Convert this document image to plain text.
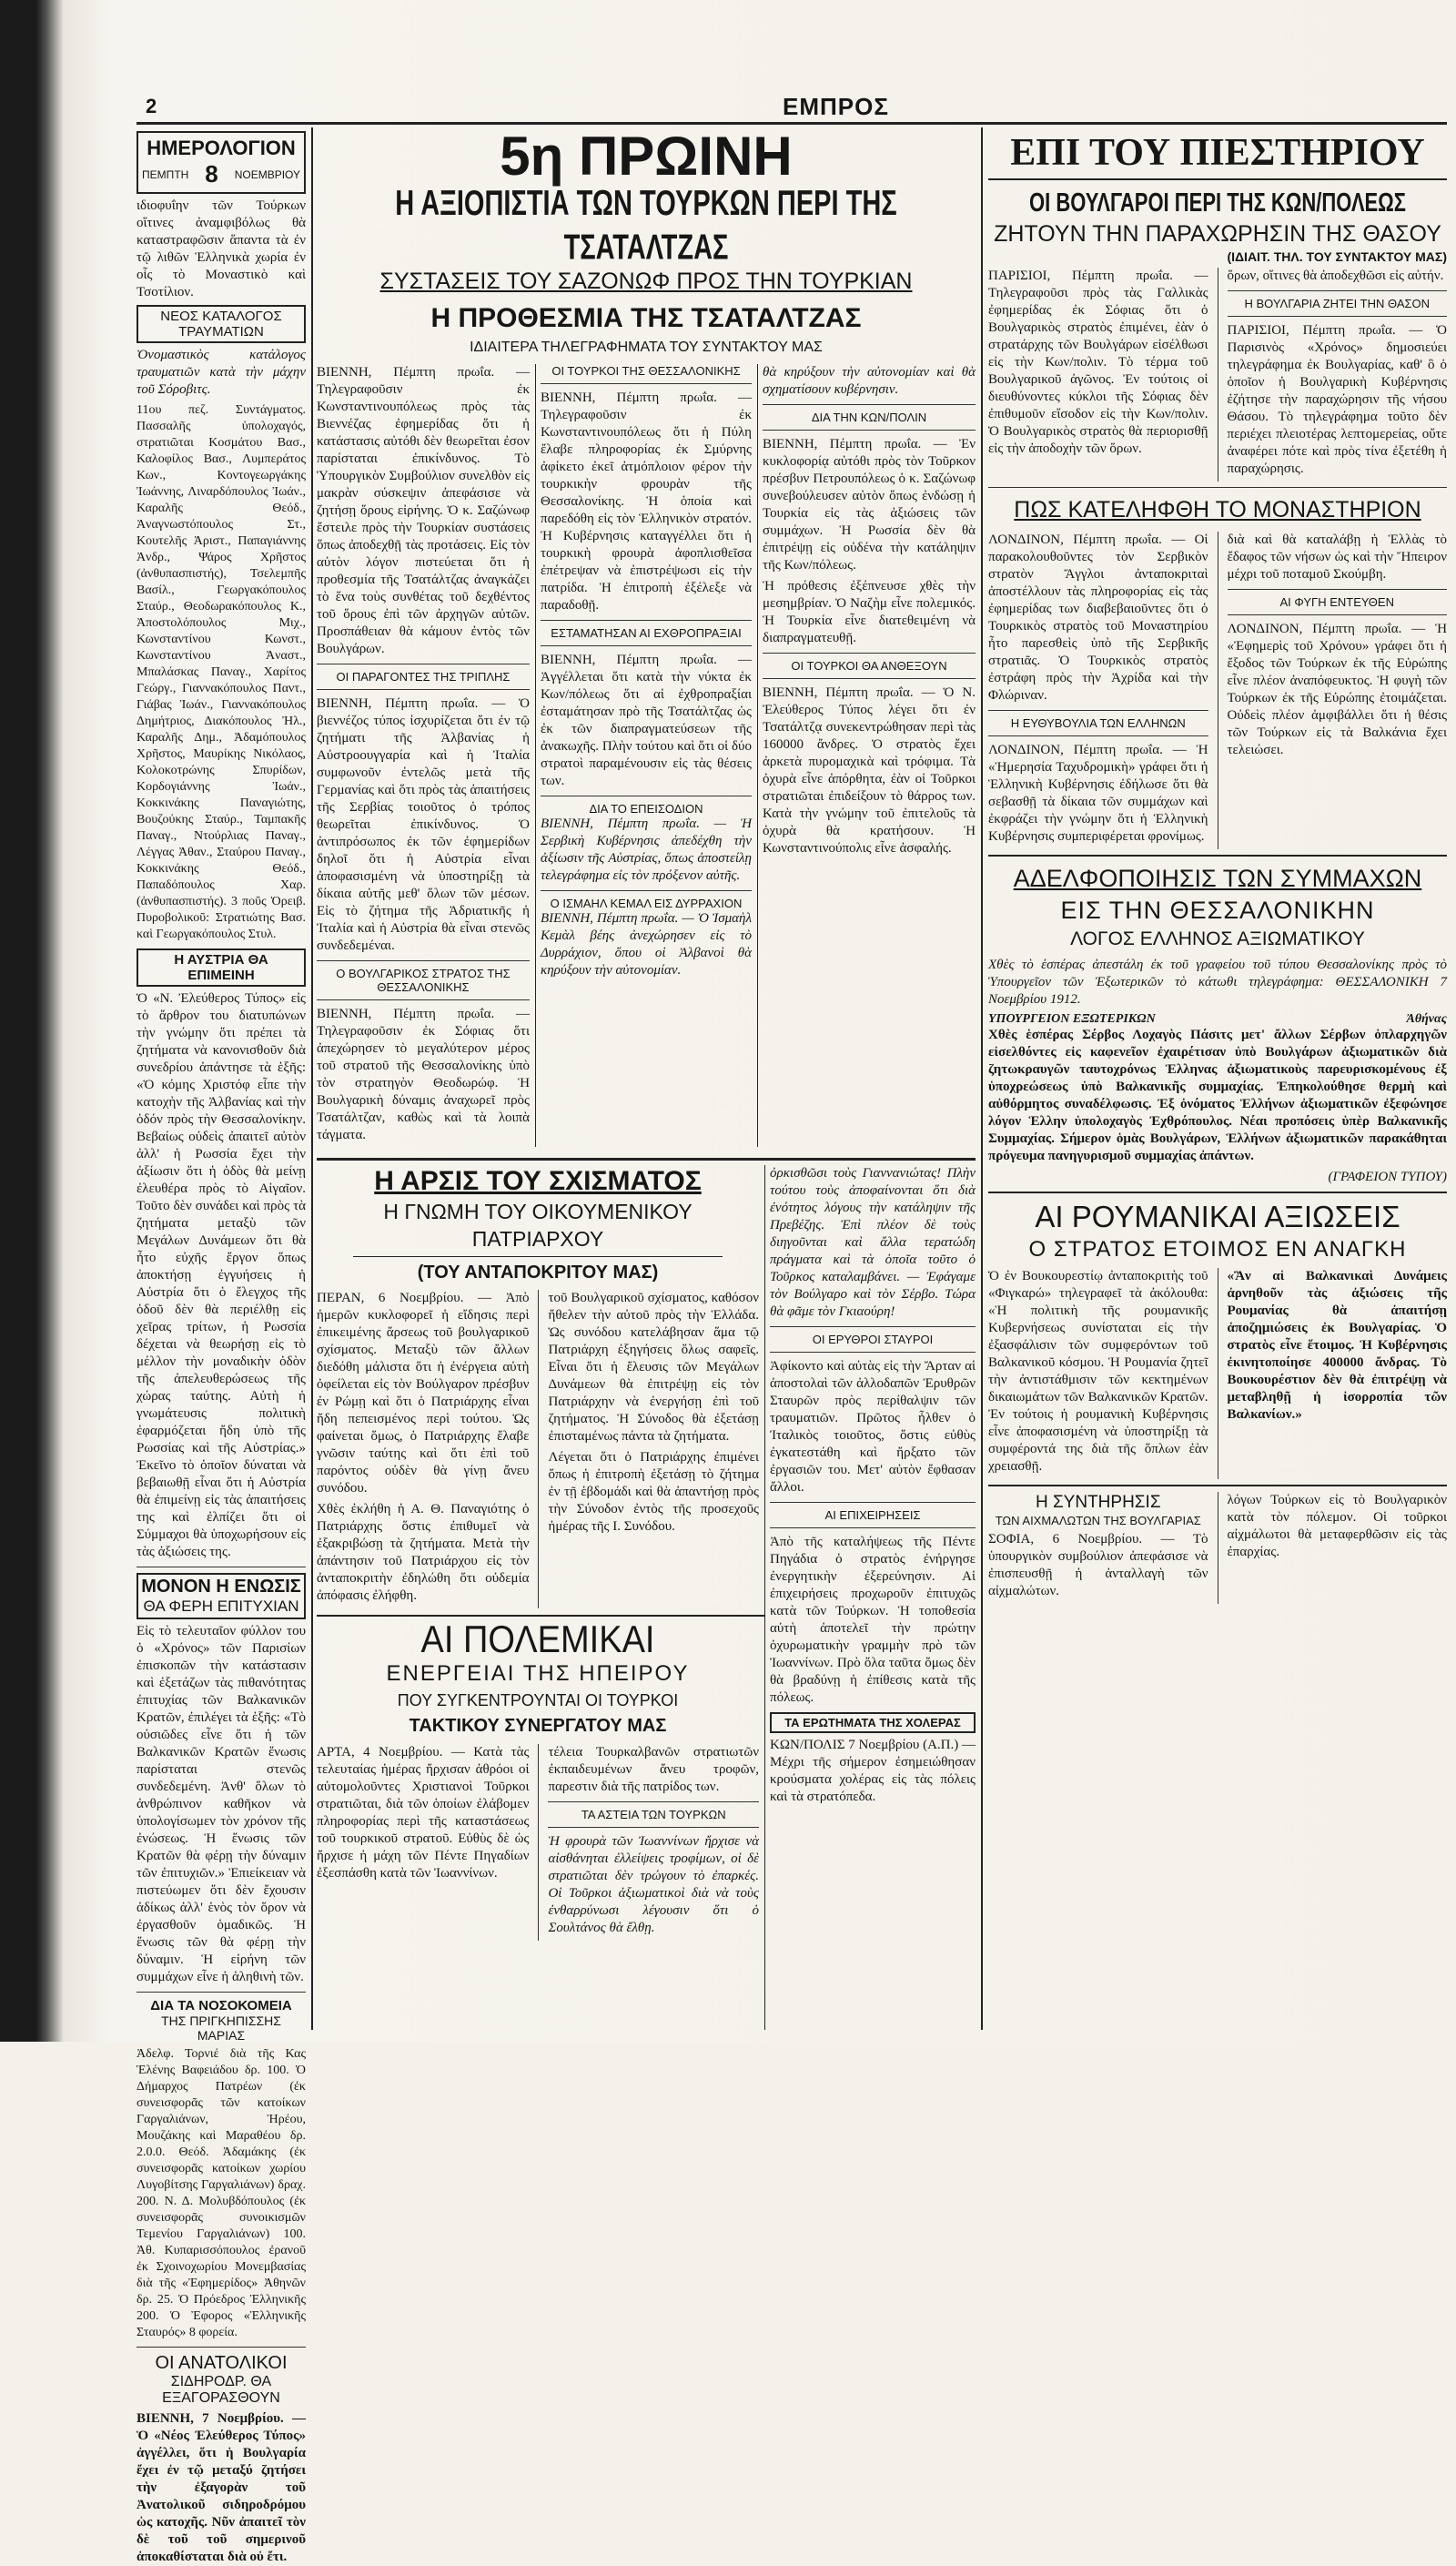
2	ΕΜΠΡΟΣ

ΗΜΕΡΟΛΟΓΙΟΝ

ΠΕΜΠΤΗ 8 ΝΟΕΜΒΡΙΟΥ

ιδιοφυΐην τῶν Τούρκων οἵτινες ἀναμφιβόλως θὰ καταστραφῶσιν ἅπαντα τὰ ἐν τῷ λιθῶν Ἑλληνικὰ χωρία ἐν οἷς τὸ Μοναστικὸ καὶ Τσοτίλιον.

ΝΕΟΣ ΚΑΤΑΛΟΓΟΣ ΤΡΑΥΜΑΤΙΩΝ

Ὀνομαστικὸς κατάλογος τραυματιῶν κατὰ τὴν μάχην τοῦ Σόροβιτς.

11ου πεζ. Συντάγματος. Πασσαλῆς ὑπολοχαγός, στρατιῶται Κοσμάτου Βασ., Καλοφίλος Βασ., Λυμπεράτος Κων., Κοντογεωργάκης Ἰωάννης, Λιναρδόπουλος Ἰωάν., Καραλῆς Θεόδ., Ἀναγνωστόπουλος Στ., Κουτελῆς Ἀριστ., Παπαγιάννης Ἀνδρ., Ψάρος Χρῆστος (ἀνθυπασπιστής), Τσελεμπῆς Βασίλ., Γεωργακόπουλος Σταύρ., Θεοδωρακόπουλος Κ., Ἀποστολόπουλος Μιχ., Κωνσταντίνου Κωνστ., Κωνσταντίνου Ἀναστ., Μπαλάσκας Παναγ., Χαρίτος Γεώργ., Γιαννακόπουλος Παντ., Γιάβας Ἰωάν., Γιαννακόπουλος Δημήτριος, Διακόπουλος Ἠλ., Καραλῆς Δημ., Ἀδαμόπουλος Χρῆστος, Μαυρίκης Νικόλαος, Κολοκοτρώνης Σπυρίδων, Κορδογιάννης Ἰωάν., Κοκκινάκης Παναγιώτης, Βουζούκης Σταύρ., Ταμπακῆς Παναγ., Ντούρλιας Παναγ., Λέγγας Ἀθαν., Σταύρου Παναγ., Κοκκινάκης Θεόδ., Παπαδόπουλος Χαρ. (ἀνθυπασπιστής). 3 ποῦς Ὀρειβ. Πυροβολικοῦ: Στρατιώτης Βασ. καὶ Γεωργακόπουλος Στυλ.

Η ΑΥΣΤΡΙΑ ΘΑ ΕΠΙΜΕΙΝΗ

Ὁ «Ν. Ἐλεύθερος Τύπος» εἰς τὸ ἄρθρον του διατυπώνων τὴν γνώμην ὅτι πρέπει τὰ ζητήματα νὰ κανονισθοῦν διὰ συνεδρίου ἀπάντησε τὰ ἑξῆς: «Ὁ κόμης Χριστόφ εἶπε τὴν κατοχὴν τῆς Ἀλβανίας καὶ τὴν ὁδόν πρὸς τὴν Θεσσαλονίκην. Βεβαίως οὐδεὶς ἀπαιτεῖ αὐτὸν ἀλλ' ἡ Ρωσσία ἔχει τὴν ἀξίωσιν ὅτι ἡ ὁδὸς θὰ μείνῃ ἐλευθέρα πρὸς τὸ Αἰγαῖον. Τοῦτο δὲν συνάδει καὶ πρὸς τὰ ζητήματα μεταξὺ τῶν Μεγάλων Δυνάμεων ὅτι θὰ ἦτο εὐχῆς ἔργον ὅπως ἀποκτήσῃ ἐγγυήσεις ἡ Αὐστρία ὅτι ὁ ἔλεγχος τῆς ὁδοῦ δὲν θὰ περιέλθῃ εἰς χεῖρας τρίτων, ἡ Ρωσσία δέχεται νὰ θεωρήσῃ εἰς τὸ μέλλον τὴν μοναδικὴν ὁδὸν τῆς ἀπελευθερώσεως τῆς χώρας ταύτης. Αὐτὴ ἡ γνωμάτευσις πολιτικὴ ἐφαρμόζεται ἤδη ὑπὸ τῆς Ρωσσίας καὶ τῆς Αὐστρίας.» Ἐκεῖνο τὸ ὁποῖον δύναται νὰ βεβαιωθῇ εἶναι ὅτι ἡ Αὐστρία θὰ ἐπιμείνῃ εἰς τὰς ἀπαιτήσεις της καὶ ἐλπίζει ὅτι οἱ Σύμμαχοι θὰ ὑποχωρήσουν εἰς τὰς ἀξιώσεις της.

ΜΟΝΟΝ Η ΕΝΩΣΙΣ

ΘΑ ΦΕΡΗ ΕΠΙΤΥΧΙΑΝ

Εἰς τὸ τελευταῖον φύλλον του ὁ «Χρόνος» τῶν Παρισίων ἐπισκοπῶν τὴν κατάστασιν καὶ ἐξετάζων τὰς πιθανότητας ἐπιτυχίας τῶν Βαλκανικῶν Κρατῶν, ἐπιλέγει τὰ ἑξῆς: «Τὸ οὐσιῶδες εἶνε ὅτι ἡ τῶν Βαλκανικῶν Κρατῶν ἕνωσις παρίσταται στενῶς συνδεδεμένη. Ἀνθ' ὅλων τὸ ἀνθρώπινον καθῆκον νὰ ὑπολογίσωμεν τὸν χρόνον τῆς ἐνώσεως. Ἡ ἕνωσις τῶν Κρατῶν θὰ φέρῃ τὴν δύναμιν τῶν ἐπιτυχιῶν.» Ἐπιείκειαν νὰ πιστεύωμεν ὅτι δὲν ἔχουσιν ἀδίκως ἀλλ' ἑνὸς τὸν ὅρον νὰ ἐργασθοῦν ὁμαδικῶς. Ἡ ἕνωσις τῶν θὰ φέρῃ τὴν δύναμιν. Ἡ εἰρήνη τῶν συμμάχων εἶνε ἡ ἀληθινὴ τῶν.

ΔΙΑ ΤΑ ΝΟΣΟΚΟΜΕΙΑ

ΤΗΣ ΠΡΙΓΚΗΠΙΣΣΗΣ ΜΑΡΙΑΣ

Ἀδελφ. Τορνιέ διὰ τῆς Κας Ἑλένης Βαφειάδου δρ. 100. Ὁ Δήμαρχος Πατρέων (ἐκ συνεισφορᾶς τῶν κατοίκων Γαργαλιάνων, Ἡρέου, Μουζάκης καὶ Μαραθέου δρ. 2.0.0. Θεόδ. Ἀδαμάκης (ἐκ συνεισφορᾶς κατοίκων χωρίου Λυγοβίτσης Γαργαλιάνων) δραχ. 200. Ν. Δ. Μολυβδόπουλος (ἐκ συνεισφορᾶς συνοικισμῶν Τεμενίου Γαργαλιάνων) 100. Ἀθ. Κυπαρισσόπουλος ἐρανοῦ ἐκ Σχοινοχωρίου Μονεμβασίας διὰ τῆς «Ἐφημερίδος» Ἀθηνῶν δρ. 25. Ὁ Πρόεδρος Ἐλληνικῆς 200. Ὁ Ἐφορος «Ἐλληνικῆς Σταυρός» 8 φορεία.

ΟΙ ΑΝΑΤΟΛΙΚΟΙ

ΣΙΔΗΡΟΔΡ. ΘΑ ΕΞΑΓΟΡΑΣΘΟΥΝ

ΒΙΕΝΝΗ, 7 Νοεμβρίου. — Ὁ «Νέος Ἐλεύθερος Τύπος» ἀγγέλλει, ὅτι ἡ Βουλγαρία ἔχει ἐν τῷ μεταξύ ζητήσει τὴν ἐξαγορὰν τοῦ Ἀνατολικοῦ σιδηροδρόμου ὡς κατοχῆς. Νῦν ἀπαιτεῖ τὸν δὲ τοῦ τοῦ σημερινοῦ ἀποκαθίσταται διὰ οὐ ἔτι.

5η ΠΡΩΙΝΗ

Η ΑΞΙΟΠΙΣΤΙΑ ΤΩΝ ΤΟΥΡΚΩΝ ΠΕΡΙ ΤΗΣ ΤΣΑΤΑΛΤΖΑΣ

ΣΥΣΤΑΣΕΙΣ ΤΟΥ ΣΑΖΟΝΩΦ ΠΡΟΣ ΤΗΝ ΤΟΥΡΚΙΑΝ

Η ΠΡΟΘΕΣΜΙΑ ΤΗΣ ΤΣΑΤΑΛΤΖΑΣ

ΙΔΙΑΙΤΕΡΑ ΤΗΛΕΓΡΑΦΗΜΑΤΑ ΤΟΥ ΣΥΝΤΑΚΤΟΥ ΜΑΣ

ΒΙΕΝΝΗ, Πέμπτη πρωΐα. — Τηλεγραφοῦσιν ἐκ Κωνσταντινουπόλεως πρὸς τὰς Βιεννέζας ἐφημερίδας ὅτι ἡ κατάστασις αὐτόθι δὲν θεωρεῖται ἐσον παρίσταται ἐπικίνδυνος. Τὸ Ὑπουργικὸν Συμβούλιον συνελθὸν εἰς μακρὰν σύσκεψιν ἀπεφάσισε νὰ ζητήσῃ ὅρους εἰρήνης. Ὁ κ. Σαζώνωφ ἔστειλε πρὸς τὴν Τουρκίαν συστάσεις ὅπως ἀποδεχθῇ τὰς προτάσεις. Εἰς τὸν αὐτὸν λόγον πιστεύεται ὅτι ἡ προθεσμία τῆς Τσατάλτζας ἀναγκάζει τὸ ἕνα τοὺς συνθέτας τοῦ δεχθέντος τοῦ ὅρους ἐπὶ τῶν ἀρχηγῶν αὐτῶν. Προσπάθειαν θὰ κάμουν ἐντὸς τῶν Βουλγάρων.

ΟΙ ΠΑΡΑΓΟΝΤΕΣ ΤΗΣ ΤΡΙΠΛΗΣ

ΒΙΕΝΝΗ, Πέμπτη πρωΐα. — Ὁ βιεννέζος τύπος ἰσχυρίζεται ὅτι ἐν τῷ ζητήματι τῆς Ἀλβανίας ἡ Αὐστροουγγαρία καὶ ἡ Ἰταλία συμφωνοῦν ἐντελῶς μετὰ τῆς Γερμανίας καὶ ὅτι πρὸς τὰς ἀπαιτήσεις τῆς Σερβίας τοιοῦτος ὁ τρόπος θεωρεῖται ἐπικίνδυνος. Ὁ ἀντιπρόσωπος ἐκ τῶν ἐφημερίδων δηλοῖ ὅτι ἡ Αὐστρία εἶναι ἀποφασισμένη νὰ ὑποστηρίξῃ τὰ δίκαια αὐτῆς μεθ' ὅλων τῶν μέσων. Εἰς τὸ ζήτημα τῆς Ἀδριατικῆς ἡ Ἰταλία καὶ ἡ Αὐστρία θὰ εἶναι στενῶς συνδεδεμέναι.

Ο ΒΟΥΛΓΑΡΙΚΟΣ ΣΤΡΑΤΟΣ ΤΗΣ ΘΕΣΣΑΛΟΝΙΚΗΣ

ΒΙΕΝΝΗ, Πέμπτη πρωΐα. — Τηλεγραφοῦσιν ἐκ Σόφιας ὅτι ἀπεχώρησεν τὸ μεγαλύτερον μέρος τοῦ στρατοῦ τῆς Θεσσαλονίκης ὑπὸ τὸν στρατηγὸν Θεοδωρώφ. Ἡ Βουλγαρικὴ δύναμις ἀναχωρεῖ πρὸς Τσατάλτζαν, καθὼς καὶ τὰ λοιπὰ τάγματα.

ΟΙ ΤΟΥΡΚΟΙ ΤΗΣ ΘΕΣΣΑΛΟΝΙΚΗΣ

ΒΙΕΝΝΗ, Πέμπτη πρωΐα. — Τηλεγραφοῦσιν ἐκ Κωνσταντινουπόλεως ὅτι ἡ Πύλη ἔλαβε πληροφορίας ἐκ Σμύρνης ἀφίκετο ἐκεῖ ἀτμόπλοιον φέρον τὴν τουρκικὴν φρουρὰν τῆς Θεσσαλονίκης. Ἡ ὁποία καὶ παρεδόθη εἰς τὸν Ἑλληνικὸν στρατόν. Ἡ Κυβέρνησις καταγγέλλει ὅτι ἡ τουρκικὴ φρουρὰ ἀφοπλισθεῖσα ἐπέτρεψαν νὰ ἐπιστρέψωσι εἰς τὴν πατρίδα. Ἡ ἐπιτροπὴ ἐξέλεξε νὰ παραδοθῇ.

ΕΣΤΑΜΑΤΗΣΑΝ ΑΙ ΕΧΘΡΟΠΡΑΞΙΑΙ

ΒΙΕΝΝΗ, Πέμπτη πρωΐα. — Ἀγγέλλεται ὅτι κατὰ τὴν νύκτα ἐκ Κων/πόλεως ὅτι αἱ ἐχθροπραξίαι ἐσταμάτησαν πρὸ τῆς Τσατάλτζας ὡς ἐκ τῶν διαπραγματεύσεων τῆς ἀνακωχῆς. Πλὴν τούτου καὶ ὅτι οἱ δύο στρατοὶ παραμένουσιν εἰς τὰς θέσεις των.

ΔΙΑ ΤΟ ΕΠΕΙΣΟΔΙΟΝ

ΒΙΕΝΝΗ, Πέμπτη πρωΐα. — Ἡ Σερβικὴ Κυβέρνησις ἀπεδέχθη τὴν ἀξίωσιν τῆς Αὐστρίας, ὅπως ἀποστείλῃ τελεγράφημα εἰς τὸν πρόξενον αὐτῆς.

Ο ΙΣΜΑΗΛ ΚΕΜΑΛ ΕΙΣ ΔΥΡΡΑΧΙΟΝ

ΒΙΕΝΝΗ, Πέμπτη πρωΐα. — Ὁ Ἰσμαὴλ Κεμὰλ βέης ἀνεχώρησεν εἰς τὸ Δυρράχιον, ὅπου οἱ Ἀλβανοὶ θὰ κηρύξουν τὴν αὐτονομίαν.

θὰ κηρύξουν τὴν αὐτονομίαν καὶ θὰ σχηματίσουν κυβέρνησιν.

ΔΙΑ ΤΗΝ ΚΩΝ/ΠΟΛΙΝ

ΒΙΕΝΝΗ, Πέμπτη πρωΐα. — Ἐν κυκλοφορίᾳ αὐτόθι πρὸς τὸν Τοῦρκον πρέσβυν Πετρουπόλεως ὁ κ. Σαζώνωφ συνεβούλευσεν αὐτὸν ὅπως ἐνδώσῃ ἡ Τουρκία εἰς τὰς ἀξιώσεις τῶν συμμάχων. Ἡ Ρωσσία δὲν θὰ ἐπιτρέψῃ εἰς οὐδένα τὴν κατάληψιν τῆς Κων/πόλεως.

Ἡ πρόθεσις ἐξέπνευσε χθὲς τὴν μεσημβρίαν. Ὁ Ναζὴμ εἶνε πολεμικός. Ἡ Τουρκία εἶνε διατεθειμένη νὰ διαπραγματευθῇ.

ΟΙ ΤΟΥΡΚΟΙ ΘΑ ΑΝΘΕΞΟΥΝ

ΒΙΕΝΝΗ, Πέμπτη πρωΐα. — Ὁ Ν. Ἐλεύθερος Τύπος λέγει ὅτι ἐν Τσατάλτζᾳ συνεκεντρώθησαν περὶ τὰς 160000 ἄνδρες. Ὁ στρατὸς ἔχει ἀρκετὰ πυρομαχικὰ καὶ τρόφιμα. Τὰ ὀχυρὰ εἶνε ἀπόρθητα, ἐὰν οἱ Τοῦρκοι στρατιῶται ἐπιδείξουν τὸ θάρρος των. Κατὰ τὴν γνώμην τοῦ ἐπιτελοῦς τὰ ὀχυρὰ θὰ κρατήσουν. Ἡ Κωνσταντινούπολις εἶνε ἀσφαλής.

Η ΑΡΣΙΣ ΤΟΥ ΣΧΙΣΜΑΤΟΣ

Η ΓΝΩΜΗ ΤΟΥ ΟΙΚΟΥΜΕΝΙΚΟΥ ΠΑΤΡΙΑΡΧΟΥ

(ΤΟΥ ΑΝΤΑΠΟΚΡΙΤΟΥ ΜΑΣ)

ΠΕΡΑΝ, 6 Νοεμβρίου. — Ἀπὸ ἡμερῶν κυκλοφορεῖ ἡ εἴδησις περὶ ἐπικειμένης ἄρσεως τοῦ βουλγαρικοῦ σχίσματος. Μεταξὺ τῶν ἄλλων διεδόθη μάλιστα ὅτι ἡ ἐνέργεια αὐτὴ ὀφείλεται εἰς τὸν Βούλγαρον πρέσβυν ἐν Ρώμῃ καὶ ὅτι ὁ Πατριάρχης εἶναι ἤδη πεπεισμένος περὶ τούτου. Ὡς φαίνεται ὅμως, ὁ Πατριάρχης ἔλαβε γνῶσιν ταύτης καὶ ὅτι ἐπὶ τοῦ παρόντος οὐδὲν θὰ γίνῃ ἄνευ συνόδου.

Χθὲς ἐκλήθη ἡ Α. Θ. Παναγιότης ὁ Πατριάρχης ὅστις ἐπιθυμεῖ νὰ ἐξακριβώσῃ τὰ ζητήματα. Μετὰ τὴν ἀπάντησιν τοῦ Πατριάρχου εἰς τὸν ἀνταποκριτὴν ἐδηλώθη ὅτι οὐδεμία ἀπόφασις ἐλήφθη.

τοῦ Βουλγαρικοῦ σχίσματος, καθόσον ἤθελεν τὴν αὐτοῦ πρὸς τὴν Ἑλλάδα. Ὡς συνόδου κατελάβησαν ἅμα τῷ Πατριάρχη ἐξηγήσεις ὅλως σαφεῖς. Εἶναι ὅτι ἡ ἔλευσις τῶν Μεγάλων Δυνάμεων θὰ ἐπιτρέψῃ εἰς τὸν Πατριάρχην νὰ ἐνεργήσῃ ἐπὶ τοῦ ζητήματος. Ἡ Σύνοδος θὰ ἐξετάσῃ ἐπισταμένως πάντα τὰ ζητήματα.

Λέγεται ὅτι ὁ Πατριάρχης ἐπιμένει ὅπως ἡ ἐπιτροπὴ ἐξετάσῃ τὸ ζήτημα ἐν τῇ ἑβδομάδι καὶ θὰ ἀπαντήσῃ πρὸς τὴν Σύνοδον ἐντὸς τῆς προσεχοῦς ἡμέρας τῆς Ι. Συνόδου.

ὀρκισθῶσι τοὺς Γιαννανιώτας! Πλὴν τούτου τοὺς ἀποφαίνονται ὅτι διὰ ἐνότητος λόγους τὴν κατάληψιν τῆς Πρεβέζης. Ἐπὶ πλέον δὲ τοὺς διηγοῦνται καὶ ἄλλα τερατώδη πράγματα καὶ τὰ ὁποῖα τοῦτο ὁ Τοῦρκος καταλαμβάνει. — Ἐφάγαμε τὸν Βούλγαρο καὶ τὸν Σέρβο. Τώρα θὰ φᾶμε τὸν Γκιαούρη!

ΟΙ ΕΡΥΘΡΟΙ ΣΤΑΥΡΟΙ

Ἀφίκοντο καὶ αὐτὰς εἰς τὴν Ἄρταν αἱ ἀποστολαὶ τῶν ἀλλοδαπῶν Ἐρυθρῶν Σταυρῶν πρὸς περίθαλψιν τῶν τραυματιῶν. Πρῶτος ἦλθεν ὁ Ἰταλικὸς τοιοῦτος, ὅστις εὐθὺς ἐγκατεστάθη καὶ ἤρξατο τῶν ἐργασιῶν του. Μετ' αὐτὸν ἔφθασαν ἄλλοι.

ΑΙ ΕΠΙΧΕΙΡΗΣΕΙΣ

Ἀπὸ τῆς καταλήψεως τῆς Πέντε Πηγάδια ὁ στρατὸς ἐνήργησε ἐνεργητικὴν ἐξερεύνησιν. Αἱ ἐπιχειρήσεις προχωροῦν ἐπιτυχῶς κατὰ τῶν Τούρκων. Ἡ τοποθεσία αὐτὴ ἀποτελεῖ τὴν πρώτην ὀχυρωματικὴν γραμμὴν πρὸ τῶν Ἰωαννίνων. Πρὸ ὅλα ταῦτα ὅμως δὲν θὰ βραδύνῃ ἡ ἐπίθεσις κατὰ τῆς πόλεως.

ΤΑ ΕΡΩΤΗΜΑΤΑ ΤΗΣ ΧΟΛΕΡΑΣ

ΚΩΝ/ΠΟΛΙΣ 7 Νοεμβρίου (Α.Π.) — Μέχρι τῆς σήμερον ἐσημειώθησαν κρούσματα χολέρας εἰς τὰς πόλεις καὶ τὰ στρατόπεδα.

ΑΙ ΠΟΛΕΜΙΚΑΙ

ΕΝΕΡΓΕΙΑΙ ΤΗΣ ΗΠΕΙΡΟΥ

ΠΟΥ ΣΥΓΚΕΝΤΡΟΥΝΤΑΙ ΟΙ ΤΟΥΡΚΟΙ

ΤΑΚΤΙΚΟΥ ΣΥΝΕΡΓΑΤΟΥ ΜΑΣ

ΑΡΤΑ, 4 Νοεμβρίου. — Κατὰ τὰς τελευταίας ἡμέρας ἤρχισαν ἀθρόοι οἱ αὐτομολοῦντες Χριστιανοὶ Τοῦρκοι στρατιῶται, διὰ τῶν ὁποίων ἐλάβομεν πληροφορίας περὶ τῆς καταστάσεως τοῦ τουρκικοῦ στρατοῦ. Εὐθὺς δὲ ὡς ἤρχισε ἡ μάχη τῶν Πέντε Πηγαδίων ἐξεσπάσθη κατὰ τῶν Ἰωαννίνων.

τέλεια Τουρκαλβανῶν στρατιωτῶν ἐκπαιδευμένων ἄνευ τροφῶν, παρεστιν διὰ τῆς πατρίδος των.

ΤΑ ΑΣΤΕΙΑ ΤΩΝ ΤΟΥΡΚΩΝ

Ἡ φρουρὰ τῶν Ἰωαννίνων ἤρχισε νὰ αἰσθάνηται ἐλλείψεις τροφίμων, οἱ δὲ στρατιῶται δὲν τρώγουν τὸ ἐπαρκές. Οἱ Τοῦρκοι ἀξιωματικοὶ διὰ νὰ τοὺς ἐνθαρρύνωσι λέγουσιν ὅτι ὁ Σουλτάνος θὰ ἔλθῃ.

ΕΠΙ ΤΟΥ ΠΙΕΣΤΗΡΙΟΥ

ΟΙ ΒΟΥΛΓΑΡΟΙ ΠΕΡΙ ΤΗΣ ΚΩΝ/ΠΟΛΕΩΣ

ΖΗΤΟΥΝ ΤΗΝ ΠΑΡΑΧΩΡΗΣΙΝ ΤΗΣ ΘΑΣΟΥ

(ΙΔΙΑΙΤ. ΤΗΛ. ΤΟΥ ΣΥΝΤΑΚΤΟΥ ΜΑΣ)

ΠΑΡΙΣΙΟΙ, Πέμπτη πρωΐα. — Τηλεγραφοῦσι πρὸς τὰς Γαλλικὰς ἐφημερίδας ἐκ Σόφιας ὅτι ὁ Βουλγαρικὸς στρατὸς ἐπιμένει, ἐὰν ὁ στρατάρχης τῶν Βουλγάρων εἰσέλθωσι εἰς τὴν Κων/πολιν. Τὸ τέρμα τοῦ Βουλγαρικοῦ ἀγῶνος. Ἐν τούτοις οἱ διευθύνοντες κύκλοι τῆς Σόφιας δὲν ἐπιθυμοῦν εἴσοδον εἰς τὴν Κων/πολιν. Ὁ Βουλγαρικὸς στρατὸς θὰ περιορισθῇ εἰς τὴν ἀποδοχὴν τῶν ὅρων.

ὅρων, οἵτινες θὰ ἀποδεχθῶσι εἰς αὐτήν.

Η ΒΟΥΛΓΑΡΙΑ ΖΗΤΕΙ ΤΗΝ ΘΑΣΟΝ

ΠΑΡΙΣΙΟΙ, Πέμπτη πρωΐα. — Ὁ Παρισινὸς «Χρόνος» δημοσιεύει τηλεγράφημα ἐκ Βουλγαρίας, καθ' ὃ ὁ ὁποῖον ἡ Βουλγαρικὴ Κυβέρνησις ἐζήτησε τὴν παραχώρησιν τῆς νήσου Θάσου. Τὸ τηλεγράφημα τοῦτο δὲν περιέχει πλειοτέρας λεπτομερείας, οὔτε ἀναφέρει πότε καὶ πρὸς τίνα ἐξετέθη ἡ παραχώρησις.

ΠΩΣ ΚΑΤΕΛΗΦΘΗ ΤΟ ΜΟΝΑΣΤΗΡΙΟΝ

ΛΟΝΔΙΝΟΝ, Πέμπτη πρωΐα. — Οἱ παρακολουθοῦντες τὸν Σερβικὸν στρατὸν Ἄγγλοι ἀνταποκριταὶ ἀποστέλλουν τὰς πληροφορίας εἰς τὰς ἐφημερίδας των διαβεβαιοῦντες ὅτι ὁ Τουρκικὸς στρατὸς τοῦ Μοναστηρίου ἦτο παρεσθεὶς ὑπὸ τῆς Σερβικῆς στρατιᾶς. Ὁ Τουρκικὸς στρατὸς ἐστράφη πρὸς τὴν Ἀχρίδα καὶ τὴν Φλώριναν.

Η ΕΥΘΥΒΟΥΛΙΑ ΤΩΝ ΕΛΛΗΝΩΝ

ΛΟΝΔΙΝΟΝ, Πέμπτη πρωΐα. — Ἡ «Ἡμερησία Ταχυδρομικὴ» γράφει ὅτι ἡ Ἑλληνικὴ Κυβέρνησις ἐδήλωσε ὅτι θὰ σεβασθῇ τὰ δίκαια τῶν συμμάχων καὶ ἐκφράζει τὴν γνώμην ὅτι ἡ Ἑλληνικὴ Κυβέρνησις συμπεριφέρεται φρονίμως.

διὰ καὶ θὰ καταλάβῃ ἡ Ἑλλὰς τὸ ἔδαφος τῶν νήσων ὡς καὶ τὴν Ἤπειρον μέχρι τοῦ ποταμοῦ Σκούμβη.

ΑΙ ΦΥΓΗ ΕΝΤΕΥΘΕΝ

ΛΟΝΔΙΝΟΝ, Πέμπτη πρωΐα. — Ἡ «Ἐφημερὶς τοῦ Χρόνου» γράφει ὅτι ἡ ἔξοδος τῶν Τούρκων ἐκ τῆς Εὐρώπης εἶνε πλέον ἀναπόφευκτος. Ἡ φυγὴ τῶν Τούρκων ἐκ τῆς Εὐρώπης ἐτοιμάζεται. Οὐδεὶς πλέον ἀμφιβάλλει ὅτι ἡ θέσις τῶν Τούρκων εἰς τὰ Βαλκάνια ἔχει τελειώσει.

ΑΔΕΛΦΟΠΟΙΗΣΙΣ ΤΩΝ ΣΥΜΜΑΧΩΝ

ΕΙΣ ΤΗΝ ΘΕΣΣΑΛΟΝΙΚΗΝ

ΛΟΓΟΣ ΕΛΛΗΝΟΣ ΑΞΙΩΜΑΤΙΚΟΥ

Χθὲς τὸ ἑσπέρας ἀπεστάλη ἐκ τοῦ γραφείου τοῦ τύπου Θεσσαλονίκης πρὸς τὸ Ὑπουργεῖον τῶν Ἐξωτερικῶν τὸ κάτωθι τηλεγράφημα: ΘΕΣΣΑΛΟΝΙΚΗ 7 Νοεμβρίου 1912.

ΥΠΟΥΡΓΕΙΟΝ ΕΞΩΤΕΡΙΚΩΝ	Ἀθήνας

Χθὲς ἑσπέρας Σέρβος Λοχαγὸς Πάσιτς μετ' ἄλλων Σέρβων ὀπλαρχηγῶν εἰσελθόντες εἰς καφενεῖον ἐχαιρέτισαν ὑπὸ Βουλγάρων ἀξιωματικῶν διὰ ζητωκραυγῶν ταυτοχρόνως Ἑλληνας ἀξιωματικοὺς παρευρισκομένους ἐξ ὑποχρεώσεως ὑπὸ Βαλκανικῆς συμμαχίας. Ἐπηκολούθησε θερμὴ καὶ αὐθόρμητος συναδέλφωσις. Ἐξ ὀνόματος Ἑλλήνων ἀξιωματικῶν ἐξεφώνησε λόγον Ἑλλην ὑπολοχαγὸς Ἐχθρόπουλος. Νέαι προπόσεις ὑπὲρ Βαλκανικῆς Συμμαχίας. Σήμερον ὁμὰς Βουλγάρων, Ἑλλήνων ἀξιωματικῶν παρακάθηται πρόγευμα πανηγυρισμοῦ συμμαχίας ἀπάντων.

(ΓΡΑΦΕΙΟΝ ΤΥΠΟΥ)

ΑΙ ΡΟΥΜΑΝΙΚΑΙ ΑΞΙΩΣΕΙΣ

Ο ΣΤΡΑΤΟΣ ΕΤΟΙΜΟΣ ΕΝ ΑΝΑΓΚΗ

Ὁ ἐν Βουκουρεστίῳ ἀνταποκριτὴς τοῦ «Φιγκαρώ» τηλεγραφεῖ τὰ ἀκόλουθα: «Ἡ πολιτικὴ τῆς ρουμανικῆς Κυβερνήσεως συνίσταται εἰς τὴν ἐξασφάλισιν τῶν συμφερόντων τοῦ Βαλκανικοῦ κόσμου. Ἡ Ρουμανία ζητεῖ τὴν ἀντιστάθμισιν τῶν κεκτημένων δικαιωμάτων τῶν Βαλκανικῶν Κρατῶν. Ἐν τούτοις ἡ ρουμανικὴ Κυβέρνησις εἶνε ἀποφασισμένη νὰ ὑποστηρίξῃ τὰ συμφέροντά της διὰ τῆς ὅπλων ἐὰν χρειασθῇ.

«Ἂν αἱ Βαλκανικαὶ Δυνάμεις ἀρνηθοῦν τὰς ἀξιώσεις τῆς Ρουμανίας θὰ ἀπαιτήσῃ ἀποζημιώσεις ἐκ Βουλγαρίας. Ὁ στρατὸς εἶνε ἕτοιμος. Ἡ Κυβέρνησις ἐκινητοποίησε 400000 ἄνδρας. Τὸ Βουκουρέστιον δὲν θὰ ἐπιτρέψῃ νὰ μεταβληθῇ ἡ ἰσορροπία τῶν Βαλκανίων.»

Η ΣΥΝΤΗΡΗΣΙΣ

ΤΩΝ ΑΙΧΜΑΛΩΤΩΝ ΤΗΣ ΒΟΥΛΓΑΡΙΑΣ

ΣΟΦΙΑ, 6 Νοεμβρίου. — Τὸ ὑπουργικὸν συμβούλιον ἀπεφάσισε νὰ ἐπισπευσθῇ ἡ ἀνταλλαγὴ τῶν αἰχμαλώτων.

λόγων Τούρκων εἰς τὸ Βουλγαρικὸν κατὰ τὸν πόλεμον. Οἱ τοῦρκοι αἰχμάλωτοι θὰ μεταφερθῶσιν εἰς τὰς ἐπαρχίας.
